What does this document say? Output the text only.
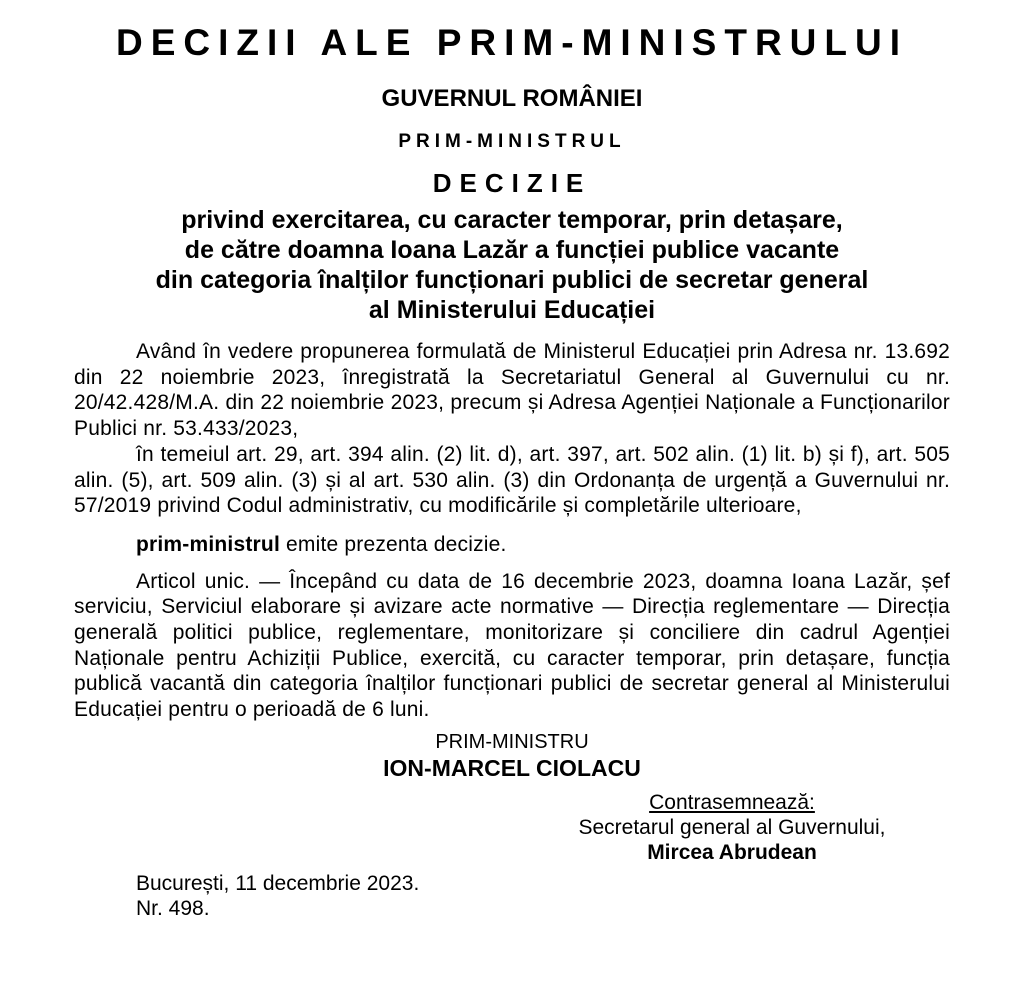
DECIZII ALE PRIM-MINISTRULUI
GUVERNUL ROMÂNIEI
PRIM-MINISTRUL
DECIZIE
privind exercitarea, cu caracter temporar, prin detașare,
de către doamna Ioana Lazăr a funcției publice vacante
din categoria înalților funcționari publici de secretar general
al Ministerului Educației

Având în vedere propunerea formulată de Ministerul Educației prin Adresa nr. 13.692 din 22 noiembrie 2023, înregistrată la Secretariatul General al Guvernului cu nr. 20/42.428/M.A. din 22 noiembrie 2023, precum și Adresa Agenției Naționale a Funcționarilor Publici nr. 53.433/2023,

în temeiul art. 29, art. 394 alin. (2) lit. d), art. 397, art. 502 alin. (1) lit. b) și f), art. 505 alin. (5), art. 509 alin. (3) și al art. 530 alin. (3) din Ordonanța de urgență a Guvernului nr. 57/2019 privind Codul administrativ, cu modificările și completările ulterioare,

prim-ministrul emite prezenta decizie.

Articol unic. — Începând cu data de 16 decembrie 2023, doamna Ioana Lazăr, șef serviciu, Serviciul elaborare și avizare acte normative — Direcția reglementare — Direcția generală politici publice, reglementare, monitorizare și conciliere din cadrul Agenției Naționale pentru Achiziții Publice, exercită, cu caracter temporar, prin detașare, funcția publică vacantă din categoria înalților funcționari publici de secretar general al Ministerului Educației pentru o perioadă de 6 luni.

PRIM-MINISTRU
ION-MARCEL CIOLACU
Contrasemnează:
Secretarul general al Guvernului,
Mircea Abrudean
București, 11 decembrie 2023.
Nr. 498.
